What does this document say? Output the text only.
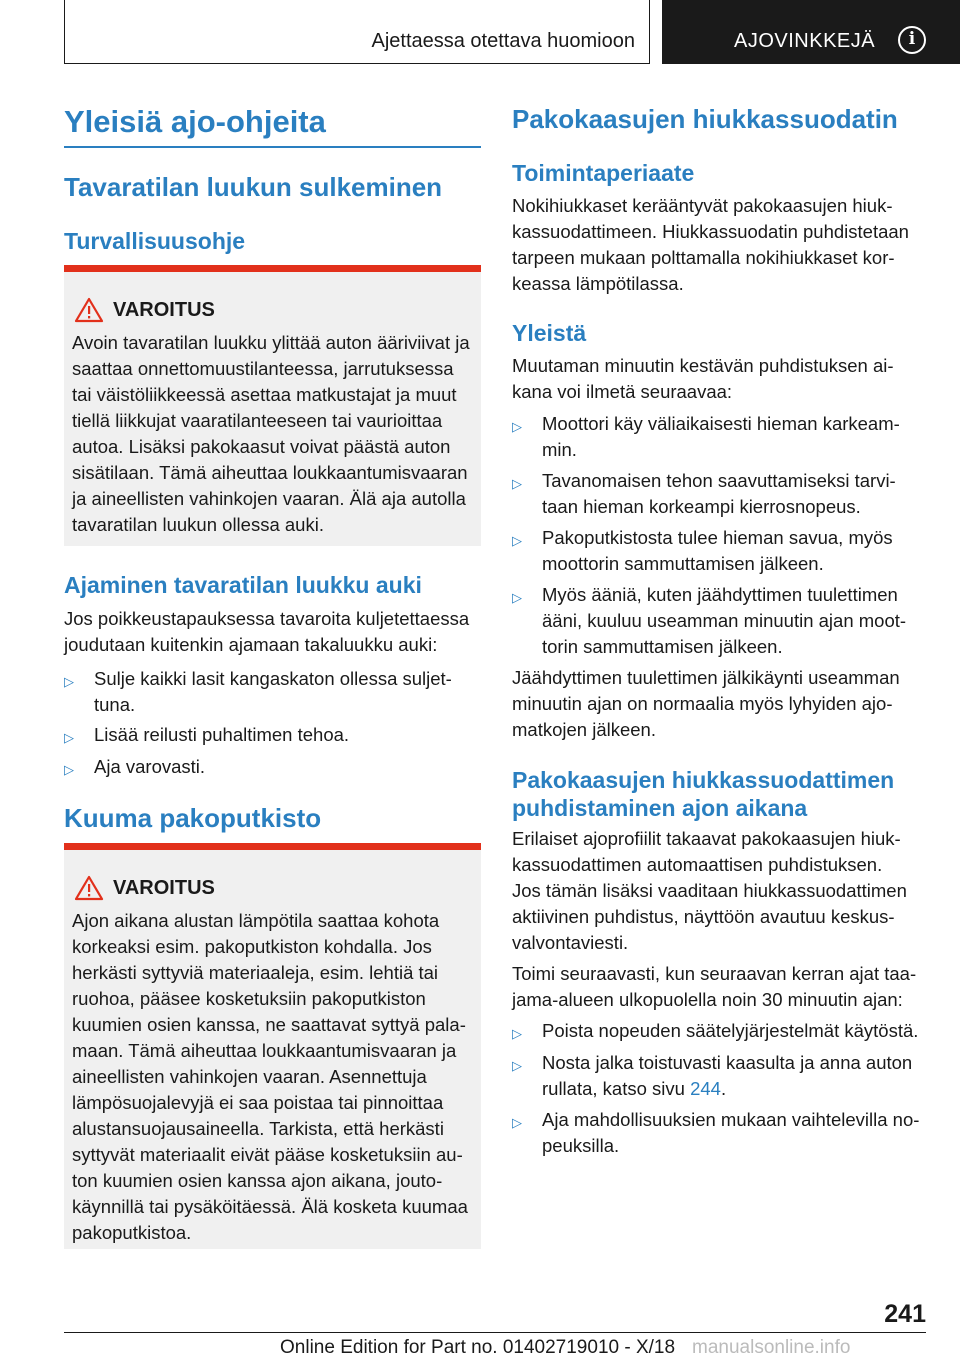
Ajettaessa otettava huomioon	AJOVINKKEJÄ	i
Yleisiä ajo-ohjeita
Tavaratilan luukun sulkeminen
Turvallisuusohje
VAROITUS
Avoin tavaratilan luukku ylittää auton ääriviivat ja
saattaa onnettomuustilanteessa, jarrutuksessa
tai väistöliikkeessä asettaa matkustajat ja muut
tiellä liikkujat vaaratilanteeseen tai vaurioittaa
autoa. Lisäksi pakokaasut voivat päästä auton
sisätilaan. Tämä aiheuttaa loukkaantumisvaaran
ja aineellisten vahinkojen vaaran. Älä aja autolla
tavaratilan luukun ollessa auki.
Ajaminen tavaratilan luukku auki
Jos poikkeustapauksessa tavaroita kuljetettaessa
joudutaan kuitenkin ajamaan takaluukku auki:
▷ Sulje kaikki lasit kangaskaton ollessa suljet-
tuna.
▷ Lisää reilusti puhaltimen tehoa.
▷ Aja varovasti.
Kuuma pakoputkisto
VAROITUS
Ajon aikana alustan lämpötila saattaa kohota
korkeaksi esim. pakoputkiston kohdalla. Jos
herkästi syttyviä materiaaleja, esim. lehtiä tai
ruohoa, pääsee kosketuksiin pakoputkiston
kuumien osien kanssa, ne saattavat syttyä pala-
maan. Tämä aiheuttaa loukkaantumisvaaran ja
aineellisten vahinkojen vaaran. Asennettuja
lämpösuojalevyjä ei saa poistaa tai pinnoittaa
alustansuojausaineella. Tarkista, että herkästi
syttyvät materiaalit eivät pääse kosketuksiin au-
ton kuumien osien kanssa ajon aikana, jouto-
käynnillä tai pysäköitäessä. Älä kosketa kuumaa
pakoputkistoa.
Pakokaasujen hiukkassuodatin
Toimintaperiaate
Nokihiukkaset kerääntyvät pakokaasujen hiuk-
kassuodattimeen. Hiukkassuodatin puhdistetaan
tarpeen mukaan polttamalla nokihiukkaset kor-
keassa lämpötilassa.
Yleistä
Muutaman minuutin kestävän puhdistuksen ai-
kana voi ilmetä seuraavaa:
▷ Moottori käy väliaikaisesti hieman karkeam-
min.
▷ Tavanomaisen tehon saavuttamiseksi tarvi-
taan hieman korkeampi kierrosnopeus.
▷ Pakoputkistosta tulee hieman savua, myös
moottorin sammuttamisen jälkeen.
▷ Myös ääniä, kuten jäähdyttimen tuulettimen
ääni, kuuluu useamman minuutin ajan moot-
torin sammuttamisen jälkeen.
Jäähdyttimen tuulettimen jälkikäynti useamman
minuutin ajan on normaalia myös lyhyiden ajo-
matkojen jälkeen.
Pakokaasujen hiukkassuodattimen
puhdistaminen ajon aikana
Erilaiset ajoprofiilit takaavat pakokaasujen hiuk-
kassuodattimen automaattisen puhdistuksen.
Jos tämän lisäksi vaaditaan hiukkassuodattimen
aktiivinen puhdistus, näyttöön avautuu keskus-
valvontaviesti.
Toimi seuraavasti, kun seuraavan kerran ajat taa-
jama-alueen ulkopuolella noin 30 minuutin ajan:
▷ Poista nopeuden säätelyjärjestelmät käytöstä.
▷ Nosta jalka toistuvasti kaasulta ja anna auton
rullata, katso sivu 244.
▷ Aja mahdollisuuksien mukaan vaihtelevilla no-
peuksilla.
241
Online Edition for Part no. 01402719010 - X/18 manualsonline.info
